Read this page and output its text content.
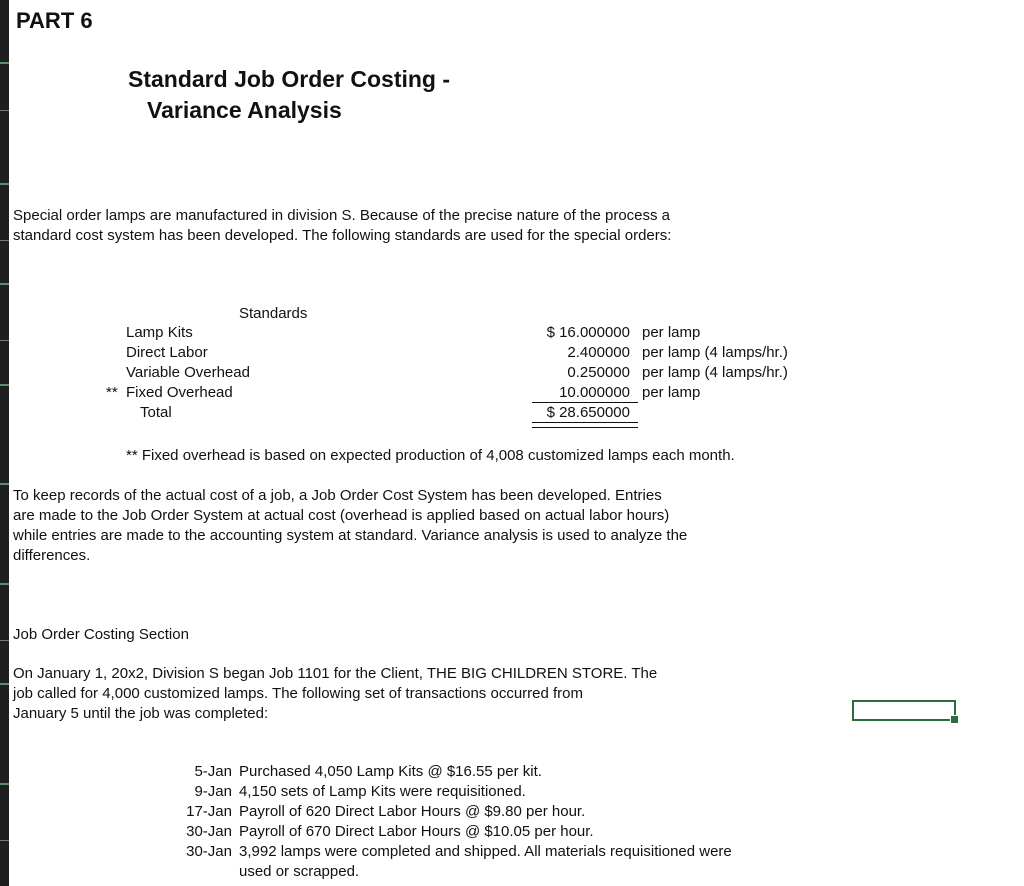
PART 6
Standard Job Order Costing -
Variance Analysis
Special order lamps are manufactured in division S. Because of the precise nature of the process a
standard cost system has been developed. The following standards are used for the special orders:
Standards
Lamp Kits	$ 16.000000 per lamp
Direct Labor	2.400000 per lamp (4 lamps/hr.)
Variable Overhead	0.250000 per lamp (4 lamps/hr.)
** Fixed Overhead	10.000000 per lamp
Total	$ 28.650000
** Fixed overhead is based on expected production of 4,008 customized lamps each month.
To keep records of the actual cost of a job, a Job Order Cost System has been developed. Entries
are made to the Job Order System at actual cost (overhead is applied based on actual labor hours)
while entries are made to the accounting system at standard. Variance analysis is used to analyze the
differences.
Job Order Costing Section
On January 1, 20x2, Division S began Job 1101 for the Client, THE BIG CHILDREN STORE. The
job called for 4,000 customized lamps. The following set of transactions occurred from
January 5 until the job was completed:
5-Jan Purchased 4,050 Lamp Kits @ $16.55 per kit.
9-Jan 4,150 sets of Lamp Kits were requisitioned.
17-Jan Payroll of 620 Direct Labor Hours @ $9.80 per hour.
30-Jan Payroll of 670 Direct Labor Hours @ $10.05 per hour.
30-Jan 3,992 lamps were completed and shipped. All materials requisitioned were
used or scrapped.
